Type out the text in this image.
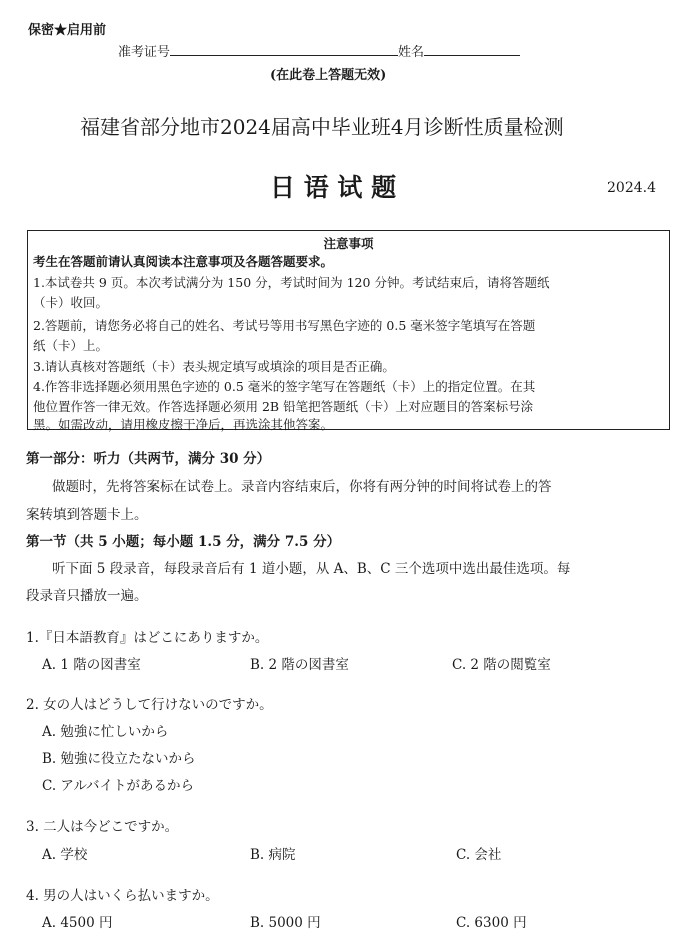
保密★启用前
准考证号	姓名
(在此卷上答题无效)
福建省部分地市2024届高中毕业班4月诊断性质量检测
日 语 试 题	2024.4
注意事项
考生在答题前请认真阅读本注意事项及各题答题要求。
1.本试卷共 9 页。本次考试满分为 150 分，考试时间为 120 分钟。考试结束后，请将答题纸
（卡）收回。
2.答题前，请您务必将自己的姓名、考试号等用书写黑色字迹的 0.5 毫米签字笔填写在答题
纸（卡）上。
3.请认真核对答题纸（卡）表头规定填写或填涂的项目是否正确。
4.作答非选择题必须用黑色字迹的 0.5 毫米的签字笔写在答题纸（卡）上的指定位置。在其
他位置作答一律无效。作答选择题必须用 2B 铅笔把答题纸（卡）上对应题目的答案标号涂
黑。如需改动，请用橡皮擦干净后，再选涂其他答案。
第一部分：听力（共两节，满分 30 分）
做题时，先将答案标在试卷上。录音内容结束后，你将有两分钟的时间将试卷上的答
案转填到答题卡上。
第一节（共 5 小题；每小题 1.5 分，满分 7.5 分）
听下面 5 段录音，每段录音后有 1 道小题，从 A、B、C 三个选项中选出最佳选项。每
段录音只播放一遍。
1.『日本語教育』はどこにありますか。
A. 1 階の図書室	B. 2 階の図書室	C. 2 階の閲覧室
2. 女の人はどうして行けないのですか。
A. 勉強に忙しいから
B. 勉強に役立たないから
C. アルバイトがあるから
3. 二人は今どこですか。
A. 学校	B. 病院	C. 会社
4. 男の人はいくら払いますか。
A. 4500 円	B. 5000 円	C. 6300 円
